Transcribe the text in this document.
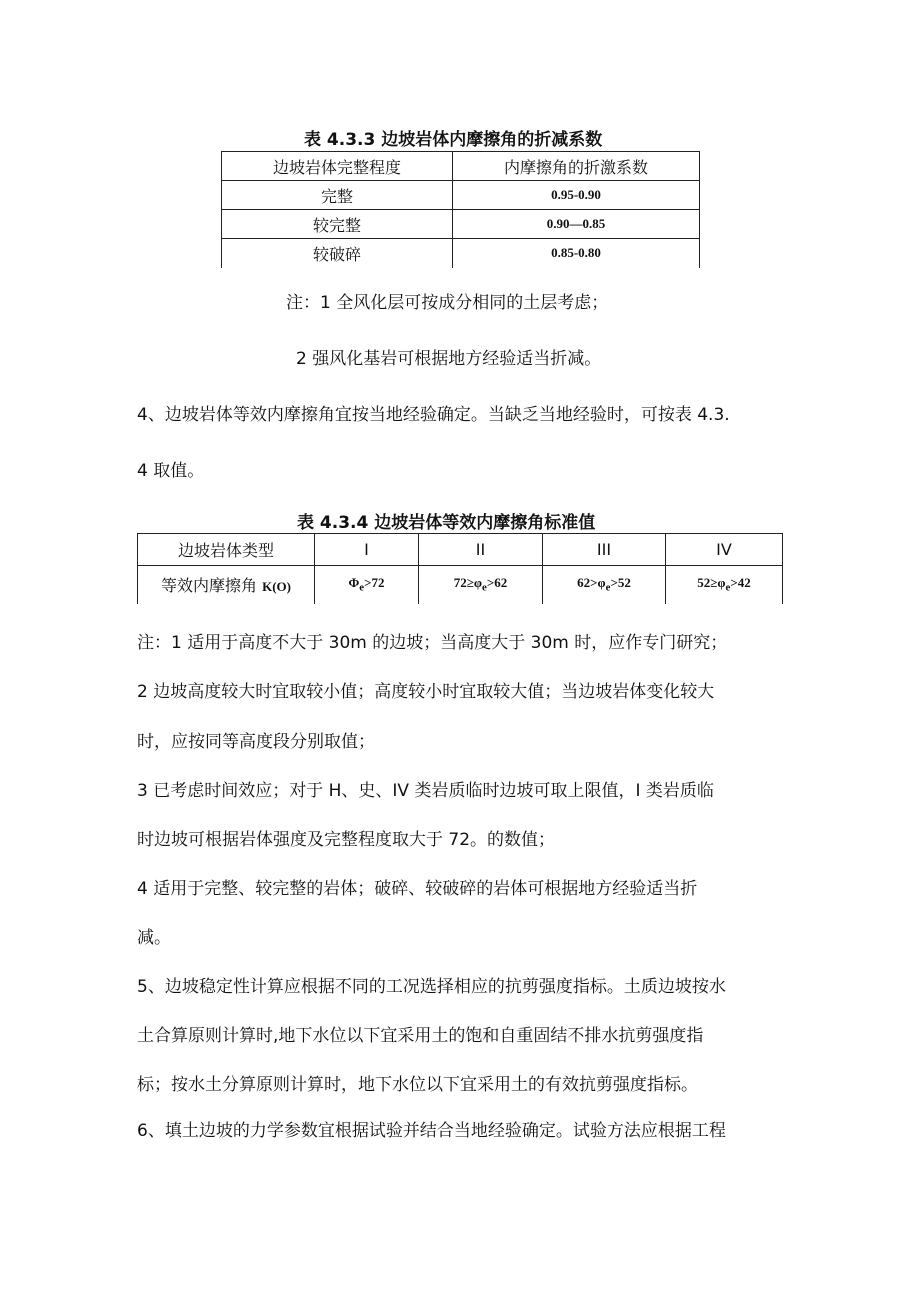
表 4.3.3 边坡岩体内摩擦角的折减系数
边坡岩体完整程度	内摩擦角的折激系数
完整	0.95-0.90
较完整	0.90—0.85
较破碎	0.85-0.80
注：1 全风化层可按成分相同的土层考虑；
2 强风化基岩可根据地方经验适当折减。
4、边坡岩体等效内摩擦角宜按当地经验确定。当缺乏当地经验时，可按表 4.3.
4 取值。
表 4.3.4 边坡岩体等效内摩擦角标准值
边坡岩体类型	I	II	III	IV
等效内摩擦角 K(O)	$\Phi_e>72$	$72\ge\varphi_e>62$	$62>\varphi_e>52$	$52\ge\varphi_e>42$
注：1 适用于高度不大于 30m 的边坡；当高度大于 30m 时，应作专门研究；
2 边坡高度较大时宜取较小值；高度较小时宜取较大值；当边坡岩体变化较大
时，应按同等高度段分别取值；
3 已考虑时间效应；对于 H、史、IV 类岩质临时边坡可取上限值，I 类岩质临
时边坡可根据岩体强度及完整程度取大于 72。的数值；
4 适用于完整、较完整的岩体；破碎、较破碎的岩体可根据地方经验适当折
减。
5、边坡稳定性计算应根据不同的工况选择相应的抗剪强度指标。土质边坡按水
土合算原则计算时,地下水位以下宜采用土的饱和自重固结不排水抗剪强度指
标；按水土分算原则计算时，地下水位以下宜采用土的有效抗剪强度指标。
6、填土边坡的力学参数宜根据试验并结合当地经验确定。试验方法应根据工程
